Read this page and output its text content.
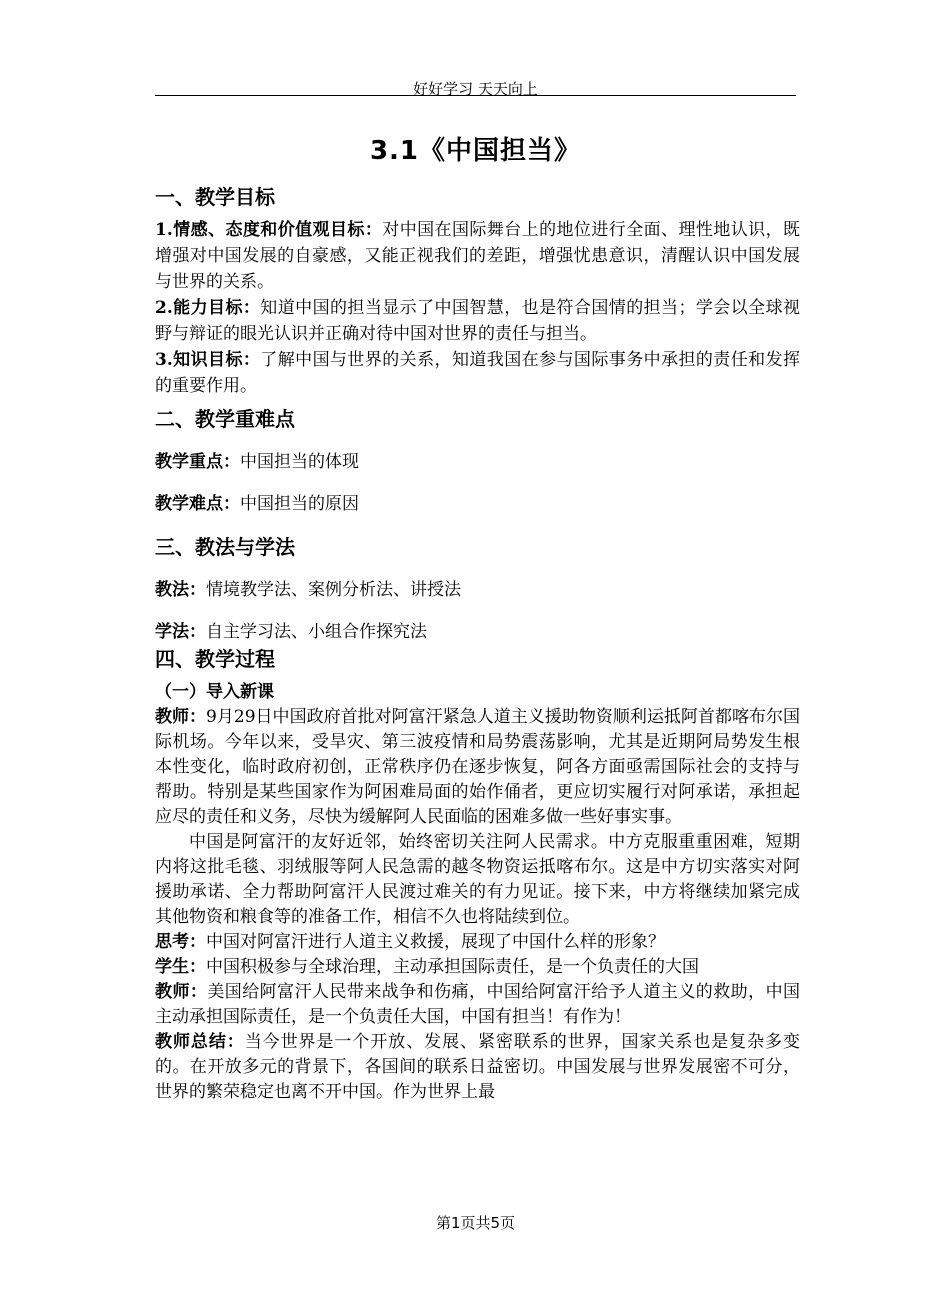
好好学习 天天向上
3.1《中国担当》

一、教学目标

1.情感、态度和价值观目标：对中国在国际舞台上的地位进行全面、理性地认识，既增强对中国发展的自豪感，又能正视我们的差距，增强忧患意识，清醒认识中国发展与世界的关系。

2.能力目标：知道中国的担当显示了中国智慧，也是符合国情的担当；学会以全球视野与辩证的眼光认识并正确对待中国对世界的责任与担当。

3.知识目标：了解中国与世界的关系，知道我国在参与国际事务中承担的责任和发挥的重要作用。

二、教学重难点

教学重点：中国担当的体现

教学难点：中国担当的原因

三、教法与学法

教法：情境教学法、案例分析法、讲授法

学法：自主学习法、小组合作探究法

四、教学过程

（一）导入新课

教师：9月29日中国政府首批对阿富汗紧急人道主义援助物资顺利运抵阿首都喀布尔国际机场。今年以来，受旱灾、第三波疫情和局势震荡影响，尤其是近期阿局势发生根本性变化，临时政府初创，正常秩序仍在逐步恢复，阿各方面亟需国际社会的支持与帮助。特别是某些国家作为阿困难局面的始作俑者，更应切实履行对阿承诺，承担起应尽的责任和义务，尽快为缓解阿人民面临的困难多做一些好事实事。

中国是阿富汗的友好近邻，始终密切关注阿人民需求。中方克服重重困难，短期内将这批毛毯、羽绒服等阿人民急需的越冬物资运抵喀布尔。这是中方切实落实对阿援助承诺、全力帮助阿富汗人民渡过难关的有力见证。接下来，中方将继续加紧完成其他物资和粮食等的准备工作，相信不久也将陆续到位。

思考：中国对阿富汗进行人道主义救援，展现了中国什么样的形象？

学生：中国积极参与全球治理，主动承担国际责任，是一个负责任的大国

教师：美国给阿富汗人民带来战争和伤痛，中国给阿富汗给予人道主义的救助，中国主动承担国际责任，是一个负责任大国，中国有担当！有作为！

教师总结：当今世界是一个开放、发展、紧密联系的世界，国家关系也是复杂多变的。在开放多元的背景下，各国间的联系日益密切。中国发展与世界发展密不可分，世界的繁荣稳定也离不开中国。作为世界上最

第1页共5页
